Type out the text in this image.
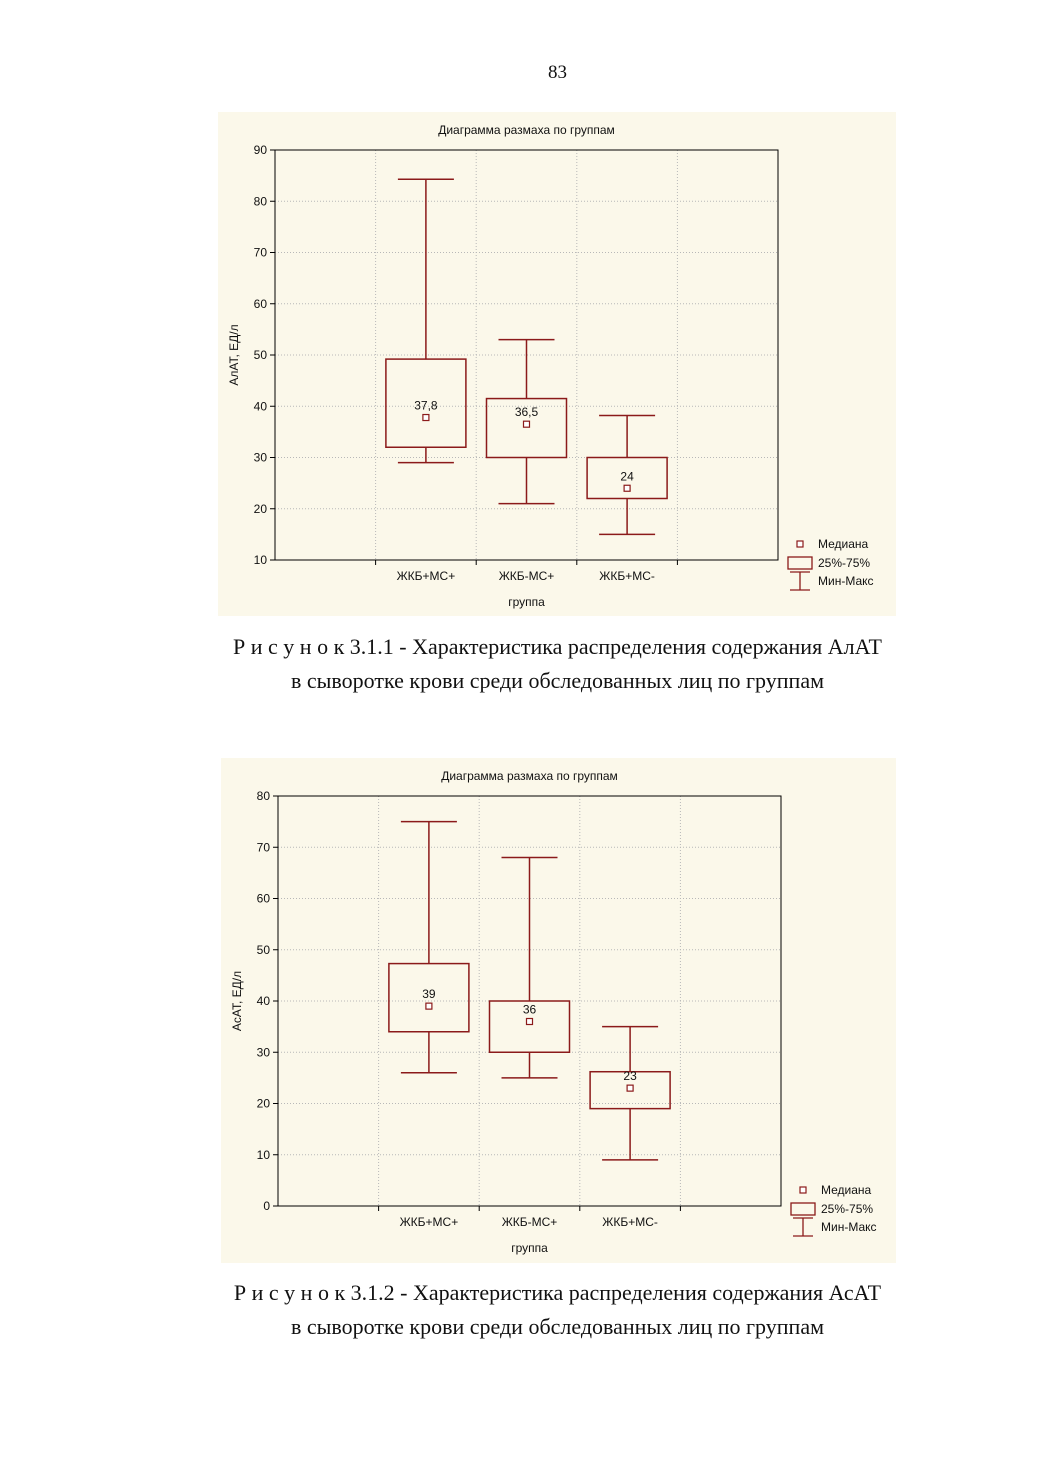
83
Диаграмма размаха по группам
10
20
30
40
50
60
70
80
90
37,8
ЖКБ+МС+
36,5
ЖКБ-МС+
24
ЖКБ+МС-
группа
АлАТ, ЕД/л
Медиана
25%-75%
Мин-Макс
Р и с у н о к 3.1.1 - Характеристика распределения содержания АлАТ
в сыворотке крови среди обследованных лиц по группам
Диаграмма размаха по группам
0
10
20
30
40
50
60
70
80
39
ЖКБ+МС+
36
ЖКБ-МС+
23
ЖКБ+МС-
группа
АсАТ, ЕД/л
Медиана
25%-75%
Мин-Макс
Р и с у н о к 3.1.2 - Характеристика распределения содержания АсАТ
в сыворотке крови среди обследованных лиц по группам
